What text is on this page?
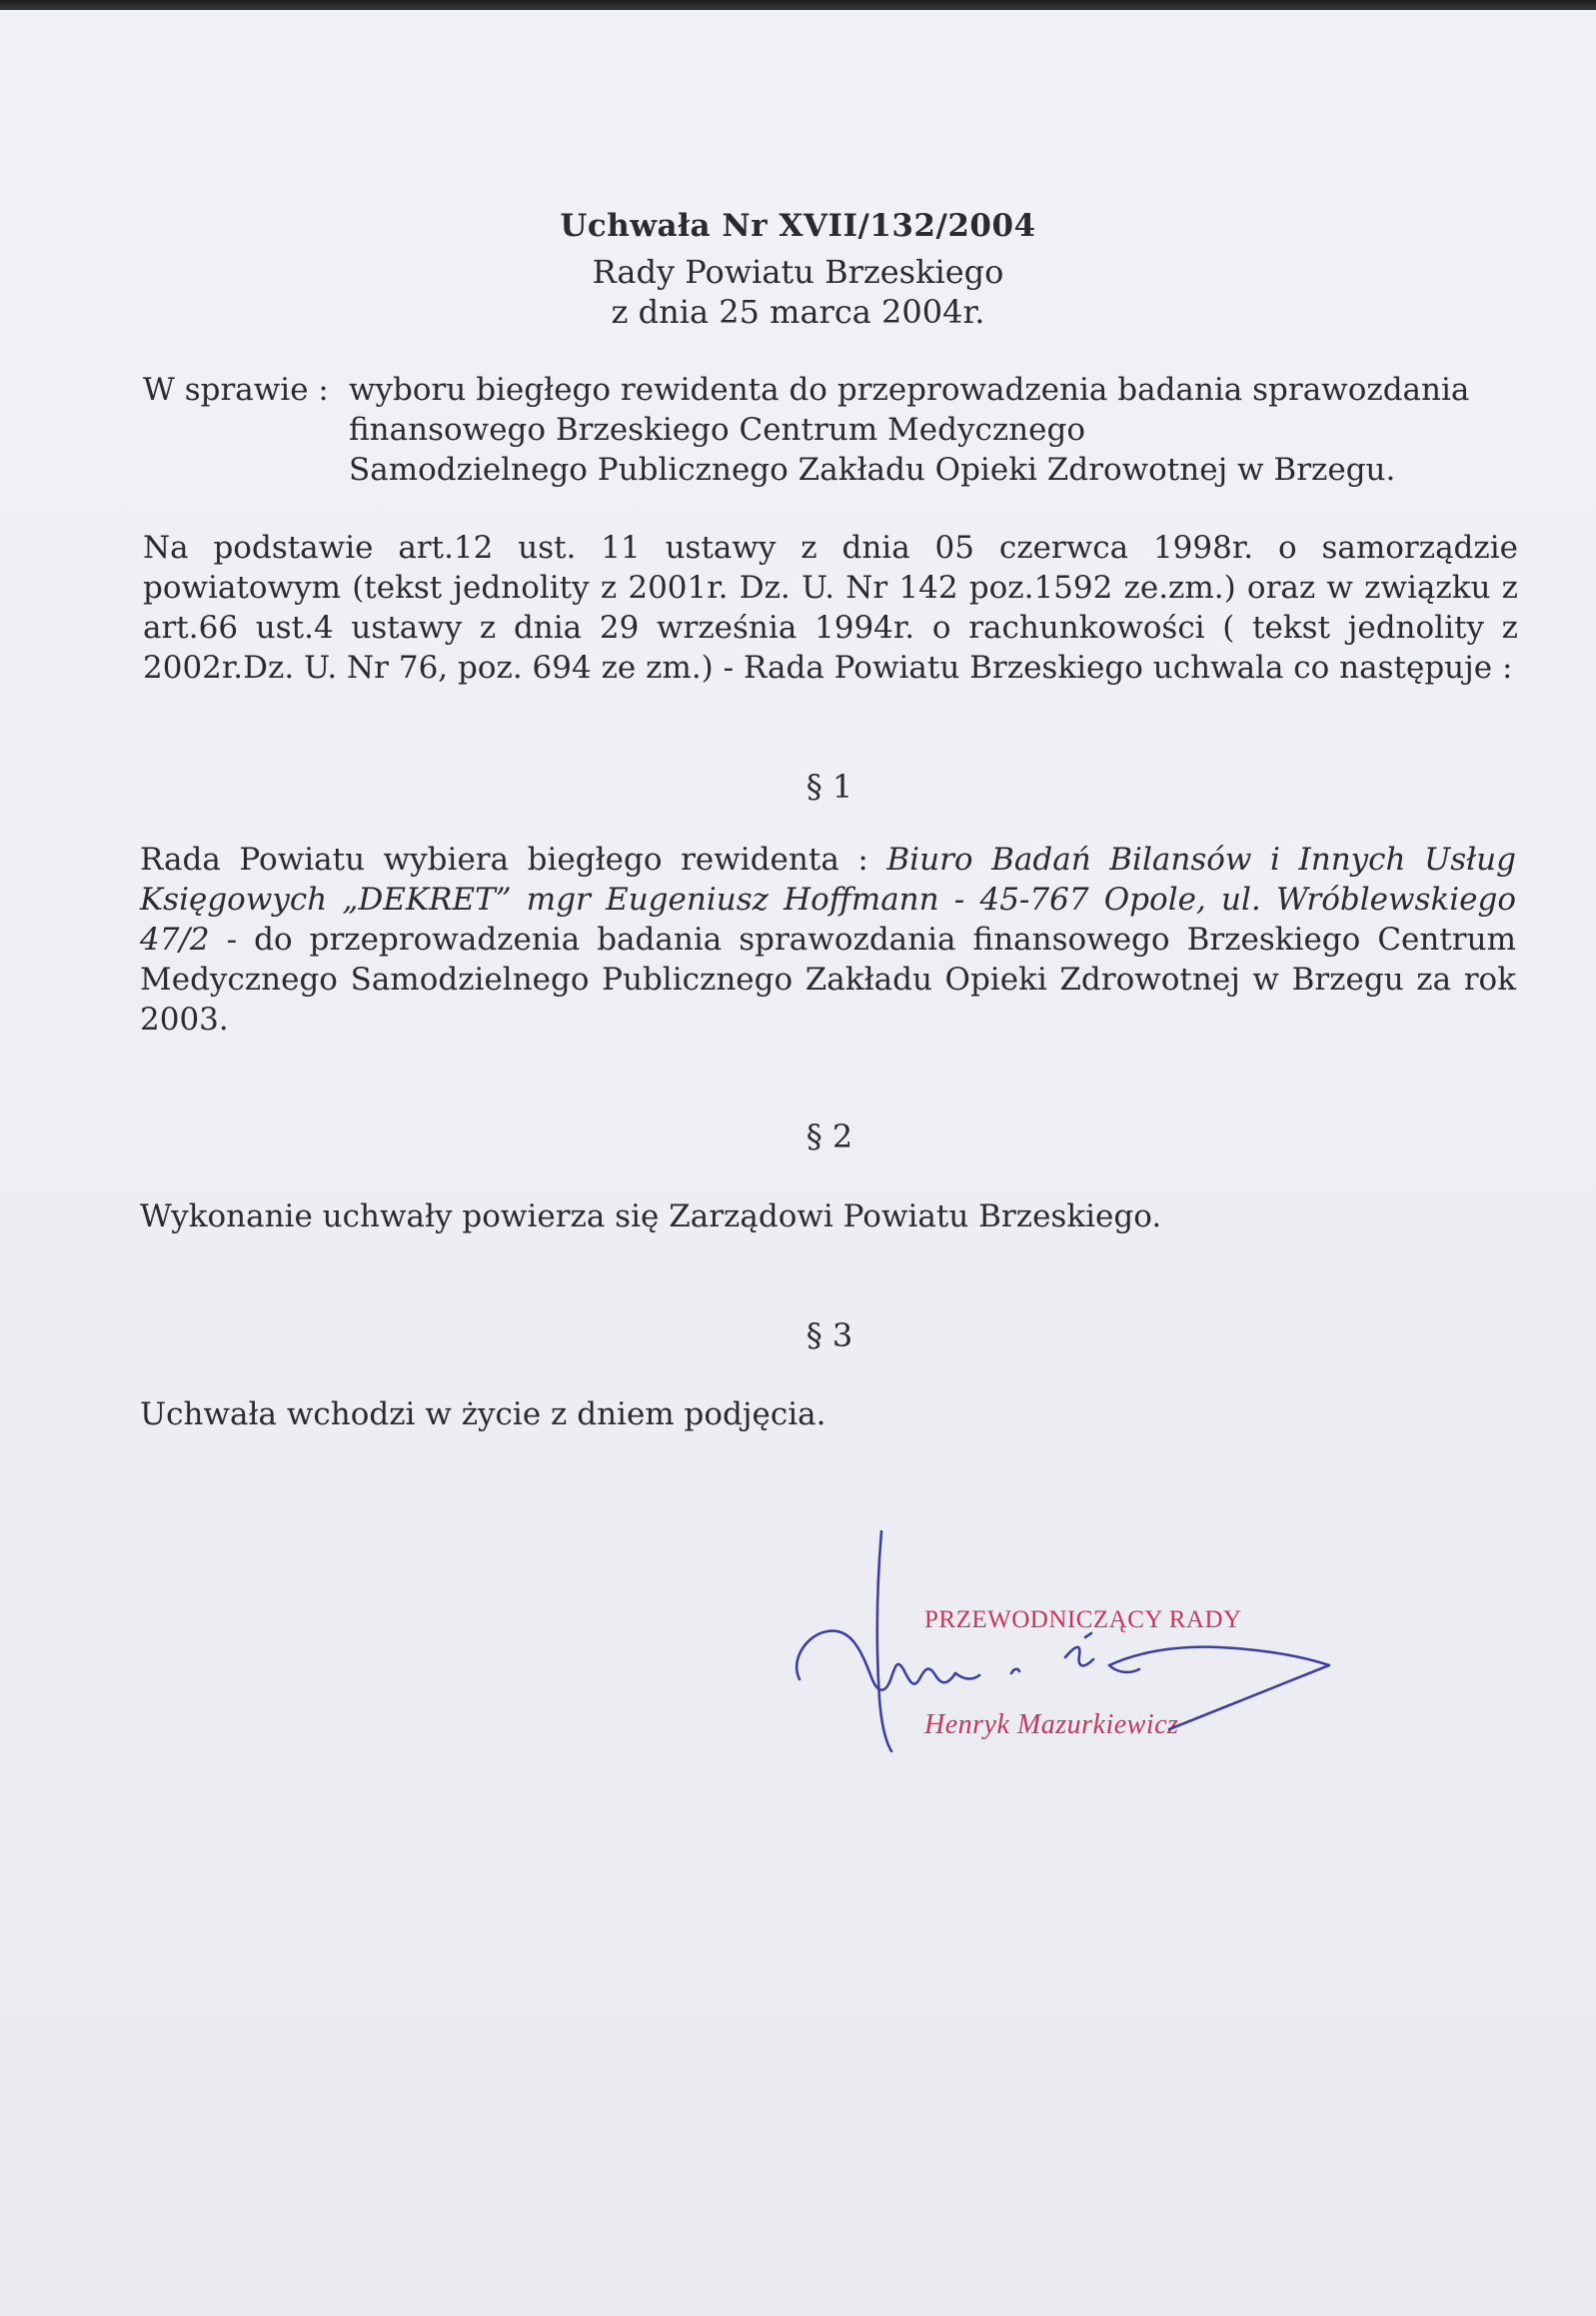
Uchwała Nr XVII/132/2004
Rady Powiatu Brzeskiego
z dnia 25 marca 2004r.
W sprawie : wyboru biegłego rewidenta do przeprowadzenia badania sprawozdania
finansowego Brzeskiego Centrum Medycznego
Samodzielnego Publicznego Zakładu Opieki Zdrowotnej w Brzegu.
Na podstawie art.12 ust. 11 ustawy z dnia 05 czerwca 1998r. o samorządzie powiatowym (tekst jednolity z 2001r. Dz. U. Nr 142 poz.1592 ze.zm.) oraz w związku z art.66 ust.4 ustawy z dnia 29 września 1994r. o rachunkowości ( tekst jednolity z 2002r.Dz. U. Nr 76, poz. 694 ze zm.) - Rada Powiatu Brzeskiego uchwala co następuje :
§ 1
Rada Powiatu wybiera biegłego rewidenta : Biuro Badań Bilansów i Innych Usług Księgowych „DEKRET” mgr Eugeniusz Hoffmann - 45-767 Opole, ul. Wróblewskiego 47/2 - do przeprowadzenia badania sprawozdania finansowego Brzeskiego Centrum Medycznego Samodzielnego Publicznego Zakładu Opieki Zdrowotnej w Brzegu za rok 2003.
§ 2
Wykonanie uchwały powierza się Zarządowi Powiatu Brzeskiego.
§ 3
Uchwała wchodzi w życie z dniem podjęcia.
PRZEWODNICZĄCY RADY
Henryk Mazurkiewicz
